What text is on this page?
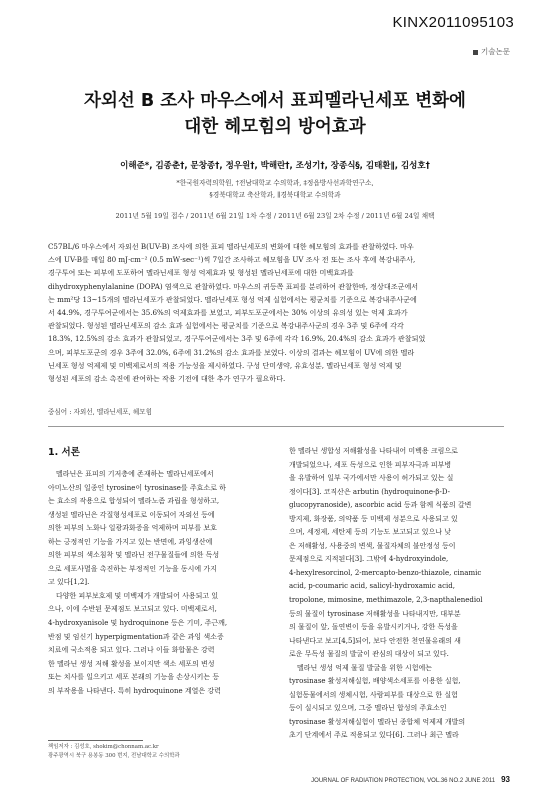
KINX2011095103
기술논문
자외선 B 조사 마우스에서 표피멜라닌세포 변화에
대한 헤모힘의 방어효과
이해준*, 김종춘†, 문창종†, 정우원†, 박해란†, 조성기†, 장종식§, 김태환∥, 김성호†
*한국원자력의학원, †전남대학교 수의학과, ‡정읍방사선과학연구소,
§경북대학교 축산학과, ∥경북대학교 수의학과
2011년 5월 19일 접수 / 2011년 6월 21일 1차 수정 / 2011년 6월 23일 2차 수정 / 2011년 6월 24일 채택
C57BL/6 마우스에서 자외선 B(UV-B) 조사에 의한 표피 멜라닌세포의 변화에 대한 헤모힘의 효과를 관찰하였다. 마우
스에 UV-B를 매일 80 mJ·cm⁻² (0.5 mW·sec⁻¹)씩 7일간 조사하고 헤모힘을 UV 조사 전 또는 조사 후에 복강내주사,
경구투여 또는 피부에 도포하여 멜라닌세포 형성 억제효과 및 형성된 멜라닌세포에 대한 미백효과를
dihydroxyphenylalanine (DOPA) 염색으로 관찰하였다. 마우스의 귀등쪽 표피를 분리하여 관찰한바, 정상대조군에서
는 mm²당 13~15개의 멜라닌세포가 관찰되었다. 멜라닌세포 형성 억제 실험에서는 평균치를 기준으로 복강내주사군에
서 44.9%, 경구투여군에서는 35.6%의 억제효과를 보였고, 피부도포군에서는 30% 이상의 유의성 있는 억제 효과가
관찰되었다. 형성된 멜라닌세포의 감소 효과 실험에서는 평균치를 기준으로 복강내주사군의 경우 3주 및 6주에 각각
18.3%, 12.5%의 감소 효과가 관찰되었고, 경구투여군에서는 3주 및 6주에 각각 16.9%, 20.4%의 감소 효과가 관찰되었
으며, 피부도포군의 경우 3주에 32.0%, 6주에 31.2%의 감소 효과를 보였다. 이상의 결과는 헤모힘이 UV에 의한 멜라
닌세포 형성 억제제 및 미백제로서의 적용 가능성을 제시하였다. 구성 단미생약, 유효성분, 멜라닌세포 형성 억제 및
형성된 세포의 감소 촉진에 관여하는 작용 기전에 대한 추가 연구가 필요하다.
중심어 : 자외선, 멜라닌세포, 헤모힘
1. 서론
멜라닌은 표피의 기저층에 존재하는 멜라닌세포에서
아미노산의 일종인 tyrosine이 tyrosinase를 주효소로 하
는 효소의 작용으로 합성되어 멜라노좀 과립을 형성하고,
생성된 멜라닌은 각질형성세포로 이동되어 자외선 등에
의한 피부의 노화나 일광과화증을 억제하며 피부를 보호
하는 긍정적인 기능을 가지고 있는 반면에, 과잉생산에
의한 피부의 색소침착 및 멜라닌 전구물질들에 의한 독성
으로 세포사멸을 촉진하는 부정적인 기능을 동시에 가지
고 있다[1,2].
다양한 피부보호제 및 미백제가 개발되어 사용되고 있
으나, 이에 수반된 문제점도 보고되고 있다. 미백제로서,
4-hydroxyanisole 및 hydroquinone 등은 기미, 주근깨,
반점 및 임신기 hyperpigmentation과 같은 과잉 색소증
치료에 국소적용 되고 있다. 그러나 이들 화합물은 강력
한 멜라닌 생성 저해 활성을 보이지만 색소 세포의 변성
또는 치사를 일으키고 세포 본래의 기능을 손상시키는 등
의 부작용을 나타낸다. 특히 hydroquinone 계열은 강력
한 멜라닌 생합성 저해활성을 나타내어 미백용 크림으로
개발되었으나, 세포 독성으로 인한 피부자극과 피부병
을 유발하여 일부 국가에서만 사용이 허가되고 있는 실
정이다[3]. 코직산은 arbutin (hydroquinone-β-D-
glucopyranoside), ascorbic acid 등과 함께 식품의 갈변
방지제, 화장품, 의약품 등 미백제 성분으로 사용되고 있
으며, 세정제, 세탄제 등의 기능도 보고되고 있으나 낮
은 저해활성, 사용중의 변색, 물질자체의 불안정성 등이
문제점으로 지적된다[3]. 그밖에 4-hydroxyindole,
4-hexylresorcinol, 2-mercapto-benzo-thiazole, cinamic
acid, p-coumaric acid, salicyl-hydroxamic acid,
tropolone, mimosine, methimazole, 2,3-napthalenediol
등의 물질이 tyrosinase 저해활성을 나타내지만, 대부분
의 물질이 앞, 돌연변이 등을 유발시키거나, 강한 독성을
나타낸다고 보고[4,5]되어, 보다 안전한 천연물유래의 새
로운 무독성 물질의 발굴이 관심의 대상이 되고 있다.
멜라닌 생성 억제 물질 발굴을 위한 시험에는
tyrosinase 활성저해실험, 배양색소세포를 이용한 실험,
실험동물에서의 생체시험, 사람피부를 대상으로 한 실험
등이 실시되고 있으며, 그중 멜라닌 합성의 주효소인
tyrosinase 활성저해실험이 멜라닌 종합체 억제제 개발의
초기 단계에서 주로 적용되고 있다[6]. 그러나 최근 멜라
책임저자 : 김성호, shokim@chonnam.ac.kr
광주광역시 북구 용봉동 300 번지, 전남대학교 수의학과
JOURNAL OF RADIATION PROTECTION, VOL.36 NO.2 JUNE 2011 93
